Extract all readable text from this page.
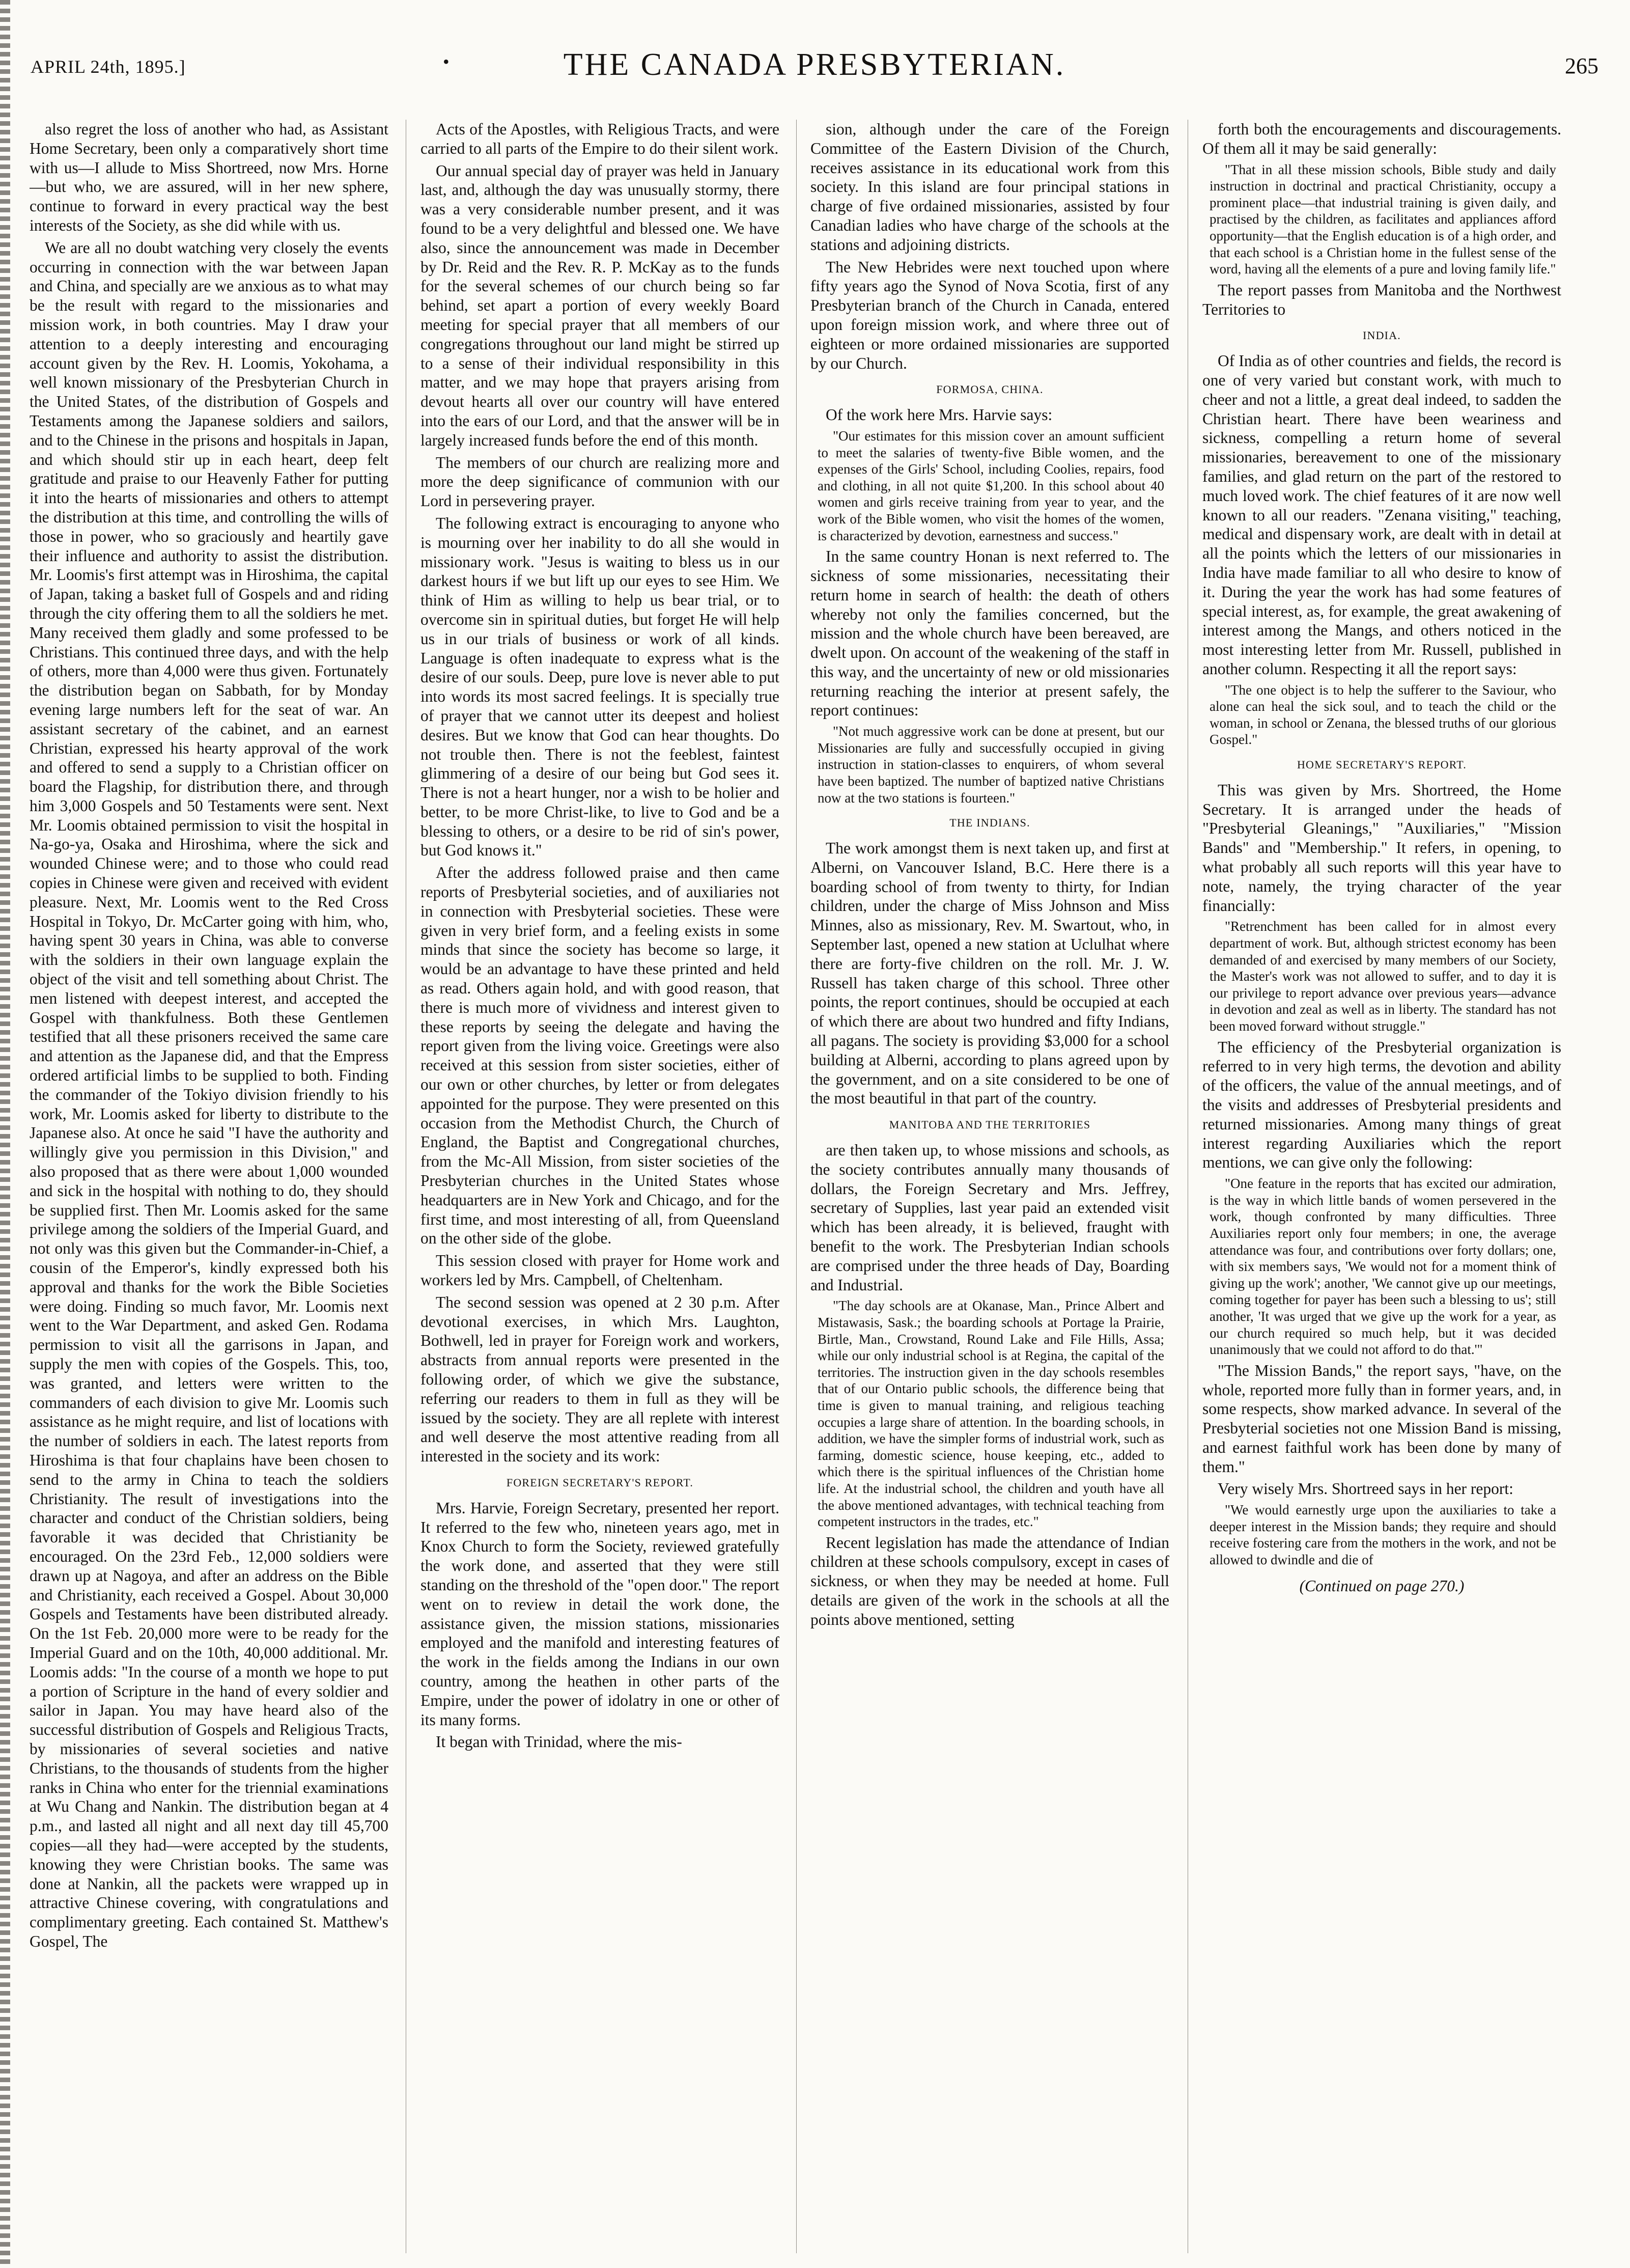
APRIL 24th, 1895.]	•	THE CANADA PRESBYTERIAN.	265

also regret the loss of another who had, as Assistant Home Secretary, been only a comparatively short time with us—I allude to Miss Shortreed, now Mrs. Horne—but who, we are assured, will in her new sphere, continue to forward in every practical way the best interests of the Society, as she did while with us.

We are all no doubt watching very closely the events occurring in connection with the war between Japan and China, and specially are we anxious as to what may be the result with regard to the missionaries and mission work, in both countries. May I draw your attention to a deeply interesting and encouraging account given by the Rev. H. Loomis, Yokohama, a well known missionary of the Presbyterian Church in the United States, of the distribution of Gospels and Testaments among the Japanese soldiers and sailors, and to the Chinese in the prisons and hospitals in Japan, and which should stir up in each heart, deep felt gratitude and praise to our Heavenly Father for putting it into the hearts of missionaries and others to attempt the distribution at this time, and controlling the wills of those in power, who so graciously and heartily gave their influence and authority to assist the distribution. Mr. Loomis's first attempt was in Hiroshima, the capital of Japan, taking a basket full of Gospels and and riding through the city offering them to all the soldiers he met. Many received them gladly and some professed to be Christians. This continued three days, and with the help of others, more than 4,000 were thus given. Fortunately the distribution began on Sabbath, for by Monday evening large numbers left for the seat of war. An assistant secretary of the cabinet, and an earnest Christian, expressed his hearty approval of the work and offered to send a supply to a Christian officer on board the Flagship, for distribution there, and through him 3,000 Gospels and 50 Testaments were sent. Next Mr. Loomis obtained permission to visit the hospital in Na-go-ya, Osaka and Hiroshima, where the sick and wounded Chinese were; and to those who could read copies in Chinese were given and received with evident pleasure. Next, Mr. Loomis went to the Red Cross Hospital in Tokyo, Dr. McCarter going with him, who, having spent 30 years in China, was able to converse with the soldiers in their own language explain the object of the visit and tell something about Christ. The men listened with deepest interest, and accepted the Gospel with thankfulness. Both these Gentlemen testified that all these prisoners received the same care and attention as the Japanese did, and that the Empress ordered artificial limbs to be supplied to both. Finding the commander of the Tokiyo division friendly to his work, Mr. Loomis asked for liberty to distribute to the Japanese also. At once he said "I have the authority and willingly give you permission in this Division," and also proposed that as there were about 1,000 wounded and sick in the hospital with nothing to do, they should be supplied first. Then Mr. Loomis asked for the same privilege among the soldiers of the Imperial Guard, and not only was this given but the Commander-in-Chief, a cousin of the Emperor's, kindly expressed both his approval and thanks for the work the Bible Societies were doing. Finding so much favor, Mr. Loomis next went to the War Department, and asked Gen. Rodama permission to visit all the garrisons in Japan, and supply the men with copies of the Gospels. This, too, was granted, and letters were written to the commanders of each division to give Mr. Loomis such assistance as he might require, and list of locations with the number of soldiers in each. The latest reports from Hiroshima is that four chaplains have been chosen to send to the army in China to teach the soldiers Christianity. The result of investigations into the character and conduct of the Christian soldiers, being favorable it was decided that Christianity be encouraged. On the 23rd Feb., 12,000 soldiers were drawn up at Nagoya, and after an address on the Bible and Christianity, each received a Gospel. About 30,000 Gospels and Testaments have been distributed already. On the 1st Feb. 20,000 more were to be ready for the Imperial Guard and on the 10th, 40,000 additional. Mr. Loomis adds: "In the course of a month we hope to put a portion of Scripture in the hand of every soldier and sailor in Japan. You may have heard also of the successful distribution of Gospels and Religious Tracts, by missionaries of several societies and native Christians, to the thousands of students from the higher ranks in China who enter for the triennial examinations at Wu Chang and Nankin. The distribution began at 4 p.m., and lasted all night and all next day till 45,700 copies—all they had—were accepted by the students, knowing they were Christian books. The same was done at Nankin, all the packets were wrapped up in attractive Chinese covering, with congratulations and complimentary greeting. Each contained St. Matthew's Gospel, The

Acts of the Apostles, with Religious Tracts, and were carried to all parts of the Empire to do their silent work.

Our annual special day of prayer was held in January last, and, although the day was unusually stormy, there was a very considerable number present, and it was found to be a very delightful and blessed one. We have also, since the announcement was made in December by Dr. Reid and the Rev. R. P. McKay as to the funds for the several schemes of our church being so far behind, set apart a portion of every weekly Board meeting for special prayer that all members of our congregations throughout our land might be stirred up to a sense of their individual responsibility in this matter, and we may hope that prayers arising from devout hearts all over our country will have entered into the ears of our Lord, and that the answer will be in largely increased funds before the end of this month.

The members of our church are realizing more and more the deep significance of communion with our Lord in persevering prayer.

The following extract is encouraging to anyone who is mourning over her inability to do all she would in missionary work. "Jesus is waiting to bless us in our darkest hours if we but lift up our eyes to see Him. We think of Him as willing to help us bear trial, or to overcome sin in spiritual duties, but forget He will help us in our trials of business or work of all kinds. Language is often inadequate to express what is the desire of our souls. Deep, pure love is never able to put into words its most sacred feelings. It is specially true of prayer that we cannot utter its deepest and holiest desires. But we know that God can hear thoughts. Do not trouble then. There is not the feeblest, faintest glimmering of a desire of our being but God sees it. There is not a heart hunger, nor a wish to be holier and better, to be more Christ-like, to live to God and be a blessing to others, or a desire to be rid of sin's power, but God knows it."

After the address followed praise and then came reports of Presbyterial societies, and of auxiliaries not in connection with Presbyterial societies. These were given in very brief form, and a feeling exists in some minds that since the society has become so large, it would be an advantage to have these printed and held as read. Others again hold, and with good reason, that there is much more of vividness and interest given to these reports by seeing the delegate and having the report given from the living voice. Greetings were also received at this session from sister societies, either of our own or other churches, by letter or from delegates appointed for the purpose. They were presented on this occasion from the Methodist Church, the Church of England, the Baptist and Congregational churches, from the Mc-All Mission, from sister societies of the Presbyterian churches in the United States whose headquarters are in New York and Chicago, and for the first time, and most interesting of all, from Queensland on the other side of the globe.

This session closed with prayer for Home work and workers led by Mrs. Campbell, of Cheltenham.

The second session was opened at 2 30 p.m. After devotional exercises, in which Mrs. Laughton, Bothwell, led in prayer for Foreign work and workers, abstracts from annual reports were presented in the following order, of which we give the substance, referring our readers to them in full as they will be issued by the society. They are all replete with interest and well deserve the most attentive reading from all interested in the society and its work:

FOREIGN SECRETARY'S REPORT.

Mrs. Harvie, Foreign Secretary, presented her report. It referred to the few who, nineteen years ago, met in Knox Church to form the Society, reviewed gratefully the work done, and asserted that they were still standing on the threshold of the "open door." The report went on to review in detail the work done, the assistance given, the mission stations, missionaries employed and the manifold and interesting features of the work in the fields among the Indians in our own country, among the heathen in other parts of the Empire, under the power of idolatry in one or other of its many forms.

It began with Trinidad, where the mis-

sion, although under the care of the Foreign Committee of the Eastern Division of the Church, receives assistance in its educational work from this society. In this island are four principal stations in charge of five ordained missionaries, assisted by four Canadian ladies who have charge of the schools at the stations and adjoining districts.

The New Hebrides were next touched upon where fifty years ago the Synod of Nova Scotia, first of any Presbyterian branch of the Church in Canada, entered upon foreign mission work, and where three out of eighteen or more ordained missionaries are supported by our Church.

FORMOSA, CHINA.

Of the work here Mrs. Harvie says:

"Our estimates for this mission cover an amount sufficient to meet the salaries of twenty-five Bible women, and the expenses of the Girls' School, including Coolies, repairs, food and clothing, in all not quite $1,200. In this school about 40 women and girls receive training from year to year, and the work of the Bible women, who visit the homes of the women, is characterized by devotion, earnestness and success."

In the same country Honan is next referred to. The sickness of some missionaries, necessitating their return home in search of health: the death of others whereby not only the families concerned, but the mission and the whole church have been bereaved, are dwelt upon. On account of the weakening of the staff in this way, and the uncertainty of new or old missionaries returning reaching the interior at present safely, the report continues:

"Not much aggressive work can be done at present, but our Missionaries are fully and successfully occupied in giving instruction in station-classes to enquirers, of whom several have been baptized. The number of baptized native Christians now at the two stations is fourteen."

THE INDIANS.

The work amongst them is next taken up, and first at Alberni, on Vancouver Island, B.C. Here there is a boarding school of from twenty to thirty, for Indian children, under the charge of Miss Johnson and Miss Minnes, also as missionary, Rev. M. Swartout, who, in September last, opened a new station at Uclulhat where there are forty-five children on the roll. Mr. J. W. Russell has taken charge of this school. Three other points, the report continues, should be occupied at each of which there are about two hundred and fifty Indians, all pagans. The society is providing $3,000 for a school building at Alberni, according to plans agreed upon by the government, and on a site considered to be one of the most beautiful in that part of the country.

MANITOBA AND THE TERRITORIES

are then taken up, to whose missions and schools, as the society contributes annually many thousands of dollars, the Foreign Secretary and Mrs. Jeffrey, secretary of Supplies, last year paid an extended visit which has been already, it is believed, fraught with benefit to the work. The Presbyterian Indian schools are comprised under the three heads of Day, Boarding and Industrial.

"The day schools are at Okanase, Man., Prince Albert and Mistawasis, Sask.; the boarding schools at Portage la Prairie, Birtle, Man., Crowstand, Round Lake and File Hills, Assa; while our only industrial school is at Regina, the capital of the territories. The instruction given in the day schools resembles that of our Ontario public schools, the difference being that time is given to manual training, and religious teaching occupies a large share of attention. In the boarding schools, in addition, we have the simpler forms of industrial work, such as farming, domestic science, house keeping, etc., added to which there is the spiritual influences of the Christian home life. At the industrial school, the children and youth have all the above mentioned advantages, with technical teaching from competent instructors in the trades, etc."

Recent legislation has made the attendance of Indian children at these schools compulsory, except in cases of sickness, or when they may be needed at home. Full details are given of the work in the schools at all the points above mentioned, setting

forth both the encouragements and discouragements. Of them all it may be said generally:

"That in all these mission schools, Bible study and daily instruction in doctrinal and practical Christianity, occupy a prominent place—that industrial training is given daily, and practised by the children, as facilitates and appliances afford opportunity—that the English education is of a high order, and that each school is a Christian home in the fullest sense of the word, having all the elements of a pure and loving family life."

The report passes from Manitoba and the Northwest Territories to

INDIA.

Of India as of other countries and fields, the record is one of very varied but constant work, with much to cheer and not a little, a great deal indeed, to sadden the Christian heart. There have been weariness and sickness, compelling a return home of several missionaries, bereavement to one of the missionary families, and glad return on the part of the restored to much loved work. The chief features of it are now well known to all our readers. "Zenana visiting," teaching, medical and dispensary work, are dealt with in detail at all the points which the letters of our missionaries in India have made familiar to all who desire to know of it. During the year the work has had some features of special interest, as, for example, the great awakening of interest among the Mangs, and others noticed in the most interesting letter from Mr. Russell, published in another column. Respecting it all the report says:

"The one object is to help the sufferer to the Saviour, who alone can heal the sick soul, and to teach the child or the woman, in school or Zenana, the blessed truths of our glorious Gospel."

HOME SECRETARY'S REPORT.

This was given by Mrs. Shortreed, the Home Secretary. It is arranged under the heads of "Presbyterial Gleanings," "Auxiliaries," "Mission Bands" and "Membership." It refers, in opening, to what probably all such reports will this year have to note, namely, the trying character of the year financially:

"Retrenchment has been called for in almost every department of work. But, although strictest economy has been demanded of and exercised by many members of our Society, the Master's work was not allowed to suffer, and to day it is our privilege to report advance over previous years—advance in devotion and zeal as well as in liberty. The standard has not been moved forward without struggle."

The efficiency of the Presbyterial organization is referred to in very high terms, the devotion and ability of the officers, the value of the annual meetings, and of the visits and addresses of Presbyterial presidents and returned missionaries. Among many things of great interest regarding Auxiliaries which the report mentions, we can give only the following:

"One feature in the reports that has excited our admiration, is the way in which little bands of women persevered in the work, though confronted by many difficulties. Three Auxiliaries report only four members; in one, the average attendance was four, and contributions over forty dollars; one, with six members says, 'We would not for a moment think of giving up the work'; another, 'We cannot give up our meetings, coming together for payer has been such a blessing to us'; still another, 'It was urged that we give up the work for a year, as our church required so much help, but it was decided unanimously that we could not afford to do that.'"

"The Mission Bands," the report says, "have, on the whole, reported more fully than in former years, and, in some respects, show marked advance. In several of the Presbyterial societies not one Mission Band is missing, and earnest faithful work has been done by many of them."

Very wisely Mrs. Shortreed says in her report:

"We would earnestly urge upon the auxiliaries to take a deeper interest in the Mission bands; they require and should receive fostering care from the mothers in the work, and not be allowed to dwindle and die of

(Continued on page 270.)
